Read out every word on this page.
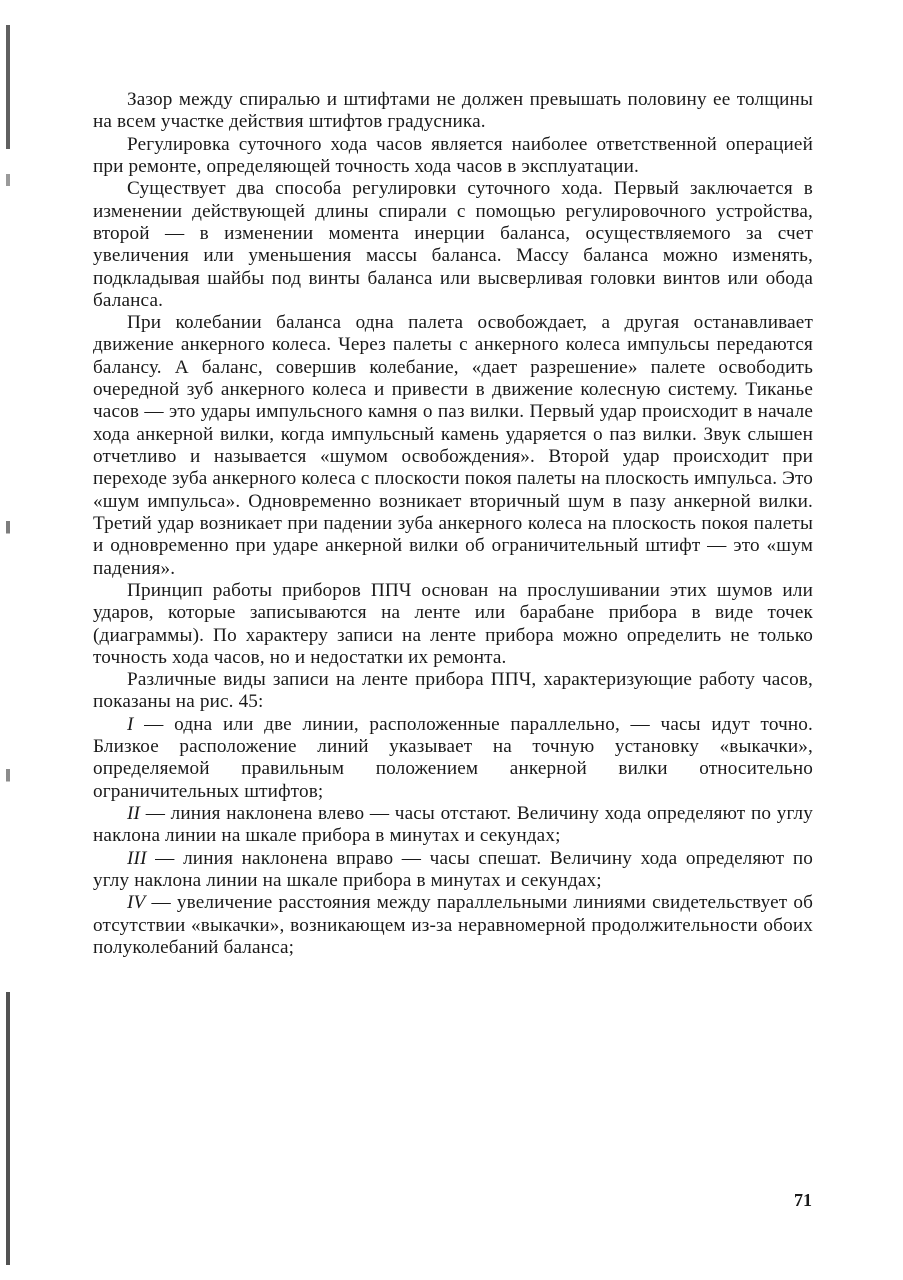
Зазор между спиралью и штифтами не должен превышать половину ее толщины на всем участке действия штифтов градусника.

Регулировка суточного хода часов является наиболее ответственной операцией при ремонте, определяющей точность хода часов в эксплуатации.

Существует два способа регулировки суточного хода. Первый заключается в изменении действующей длины спирали с помощью регулировочного устройства, второй — в изменении момента инерции баланса, осуществляемого за счет увеличения или уменьшения массы баланса. Массу баланса можно изменять, подкладывая шайбы под винты баланса или высверливая головки винтов или обода баланса.

При колебании баланса одна палета освобождает, а другая останавливает движение анкерного колеса. Через палеты с анкерного колеса импульсы передаются балансу. А баланс, совершив колебание, «дает разрешение» палете освободить очередной зуб анкерного колеса и привести в движение колесную систему. Тиканье часов — это удары импульсного камня о паз вилки. Первый удар происходит в начале хода анкерной вилки, когда импульсный камень ударяется о паз вилки. Звук слышен отчетливо и называется «шумом освобождения». Второй удар происходит при переходе зуба анкерного колеса с плоскости покоя палеты на плоскость импульса. Это «шум импульса». Одновременно возникает вторичный шум в пазу анкерной вилки. Третий удар возникает при падении зуба анкерного колеса на плоскость покоя палеты и одновременно при ударе анкерной вилки об ограничительный штифт — это «шум падения».

Принцип работы приборов ППЧ основан на прослушивании этих шумов или ударов, которые записываются на ленте или барабане прибора в виде точек (диаграммы). По характеру записи на ленте прибора можно определить не только точность хода часов, но и недостатки их ремонта.

Различные виды записи на ленте прибора ППЧ, характеризующие работу часов, показаны на рис. 45:

I — одна или две линии, расположенные параллельно, — часы идут точно. Близкое расположение линий указывает на точную установку «выкачки», определяемой правильным положением анкерной вилки относительно ограничительных штифтов;

II — линия наклонена влево — часы отстают. Величину хода определяют по углу наклона линии на шкале прибора в минутах и секундах;

III — линия наклонена вправо — часы спешат. Величину хода определяют по углу наклона линии на шкале прибора в минутах и секундах;

IV — увеличение расстояния между параллельными линиями свидетельствует об отсутствии «выкачки», возникающем из-за неравномерной продолжительности обоих полуколебаний баланса;

71
